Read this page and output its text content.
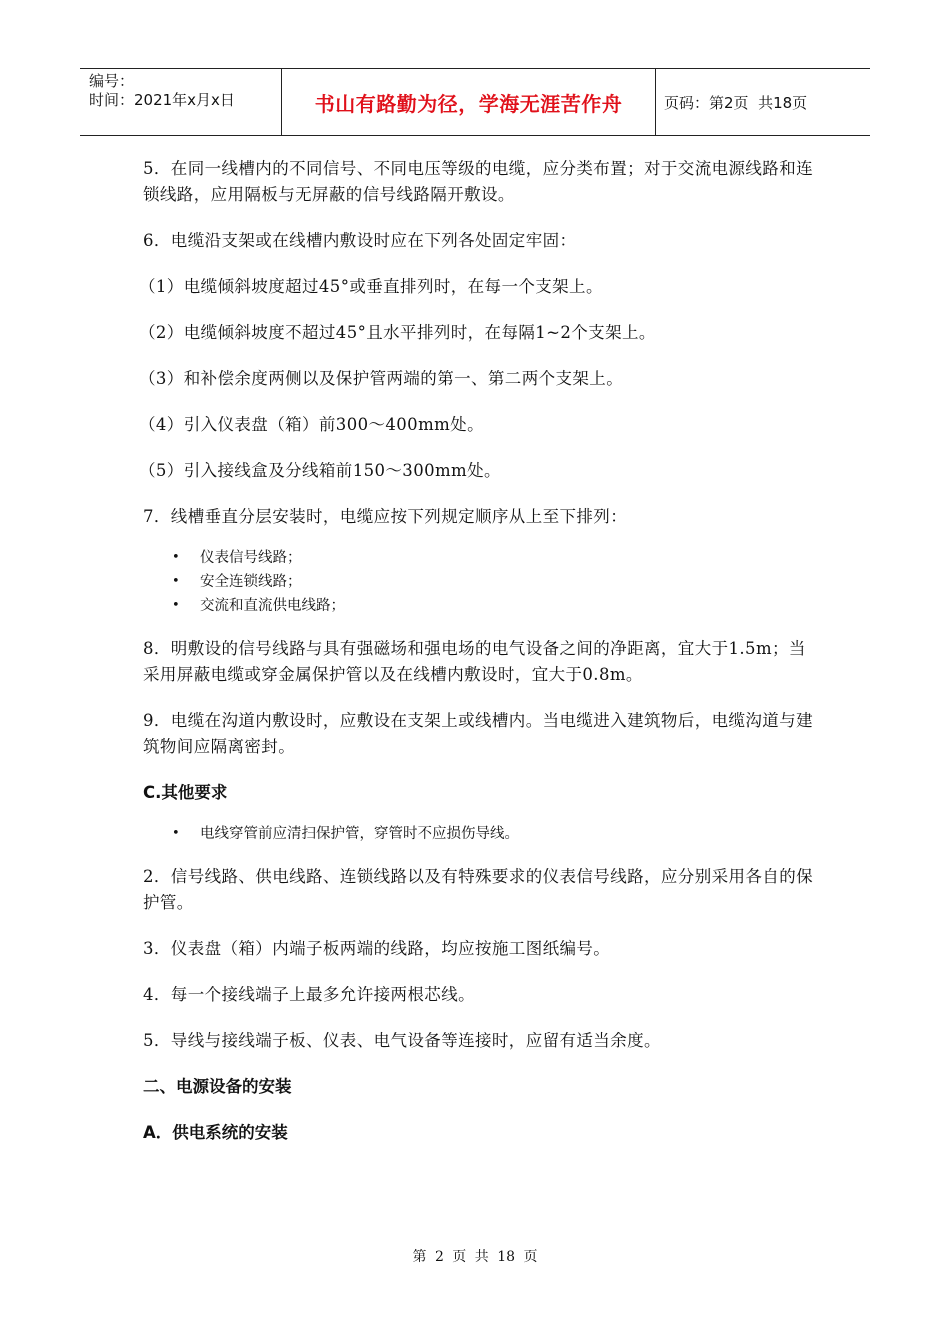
编号：
时间：2021年x月x日	书山有路勤为径，学海无涯苦作舟	页码：第2页  共18页

5．在同一线槽内的不同信号、不同电压等级的电缆，应分类布置；对于交流电源线路和连锁线路，应用隔板与无屏蔽的信号线路隔开敷设。

6．电缆沿支架或在线槽内敷设时应在下列各处固定牢固：

（1）电缆倾斜坡度超过45°或垂直排列时，在每一个支架上。

（2）电缆倾斜坡度不超过45°且水平排列时，在每隔1~2个支架上。

（3）和补偿余度两侧以及保护管两端的第一、第二两个支架上。

（4）引入仪表盘（箱）前300～400mm处。

（5）引入接线盒及分线箱前150～300mm处。

7．线槽垂直分层安装时，电缆应按下列规定顺序从上至下排列：

• 仪表信号线路；
• 安全连锁线路；
• 交流和直流供电线路；

8．明敷设的信号线路与具有强磁场和强电场的电气设备之间的净距离，宜大于1.5m；当采用屏蔽电缆或穿金属保护管以及在线槽内敷设时，宜大于0.8m。

9．电缆在沟道内敷设时，应敷设在支架上或线槽内。当电缆进入建筑物后，电缆沟道与建筑物间应隔离密封。

C.其他要求

• 电线穿管前应清扫保护管，穿管时不应损伤导线。

2．信号线路、供电线路、连锁线路以及有特殊要求的仪表信号线路，应分别采用各自的保护管。

3．仪表盘（箱）内端子板两端的线路，均应按施工图纸编号。

4．每一个接线端子上最多允许接两根芯线。

5．导线与接线端子板、仪表、电气设备等连接时，应留有适当余度。

二、电源设备的安装

A．供电系统的安装

第 2 页 共 18 页
